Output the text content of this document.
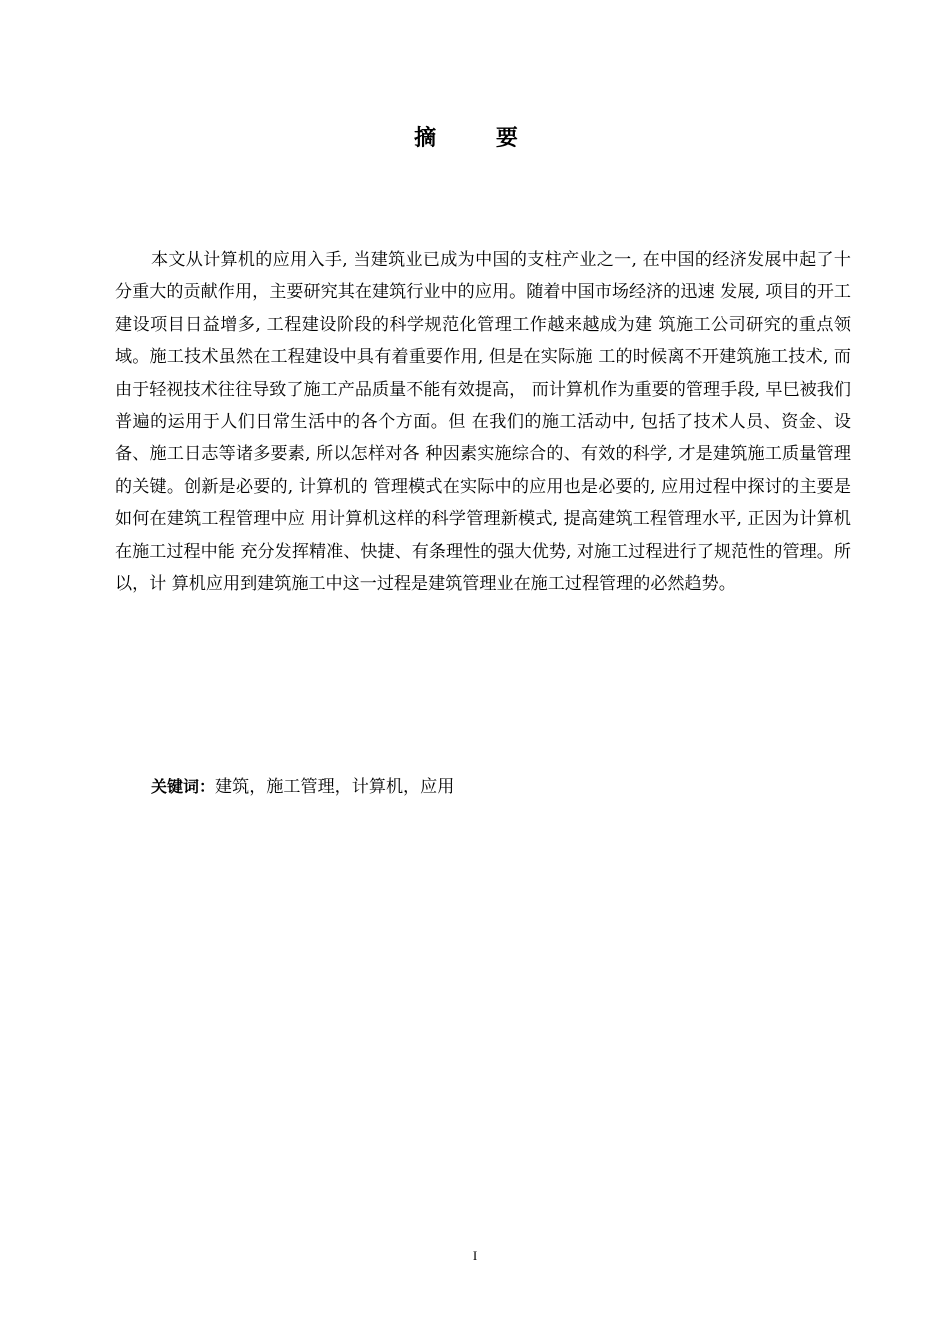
摘 要

本文从计算机的应用入手, 当建筑业已成为中国的支柱产业之一, 在中国的经济发展中起了十分重大的贡献作用，主要研究其在建筑行业中的应用。随着中国市场经济的迅速 发展, 项目的开工建设项目日益增多, 工程建设阶段的科学规范化管理工作越来越成为建 筑施工公司研究的重点领域。施工技术虽然在工程建设中具有着重要作用, 但是在实际施 工的时候离不开建筑施工技术, 而由于轻视技术往往导致了施工产品质量不能有效提高， 而计算机作为重要的管理手段, 早巳被我们普遍的运用于人们日常生活中的各个方面。但 在我们的施工活动中, 包括了技术人员、资金、设备、施工日志等诸多要素, 所以怎样对各 种因素实施综合的、有效的科学, 才是建筑施工质量管理的关键。创新是必要的, 计算机的 管理模式在实际中的应用也是必要的, 应用过程中探讨的主要是如何在建筑工程管理中应 用计算机这样的科学管理新模式, 提高建筑工程管理水平, 正因为计算机在施工过程中能 充分发挥精准、快捷、有条理性的强大优势, 对施工过程进行了规范性的管理。所以，计 算机应用到建筑施工中这一过程是建筑管理业在施工过程管理的必然趋势。

关键词：建筑，施工管理，计算机，应用

I
